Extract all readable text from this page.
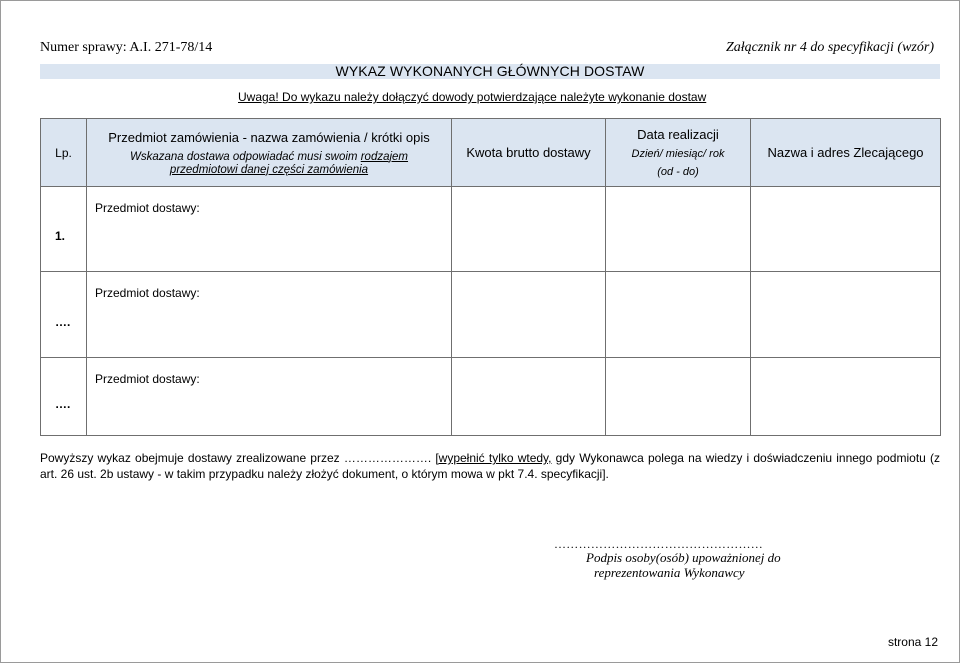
Numer sprawy: A.I. 271-78/14	Załącznik nr 4 do specyfikacji (wzór)
WYKAZ WYKONANYCH GŁÓWNYCH DOSTAW
Uwaga! Do wykazu należy dołączyć dowody potwierdzające należyte wykonanie dostaw
Lp.	Przedmiot zamówienia - nazwa zamówienia / krótki opis
Wskazana dostawa odpowiadać musi swoim rodzajem
przedmiotowi danej części zamówienia	Kwota brutto dostawy	Data realizacji
Dzień/ miesiąc/ rok
(od - do)	Nazwa i adres Zlecającego

1.	Przedmiot dostawy:			

….	Przedmiot dostawy:			

….	Przedmiot dostawy:			

Powyższy wykaz obejmuje dostawy zrealizowane przez …………………. [wypełnić tylko wtedy, gdy Wykonawca polega na wiedzy i doświadczeniu innego podmiotu (z art. 26 ust. 2b ustawy - w takim przypadku należy złożyć dokument, o którym mowa w pkt 7.4. specyfikacji].
……………………………………………
Podpis osoby(osób) upoważnionej do
reprezentowania Wykonawcy
strona 12
